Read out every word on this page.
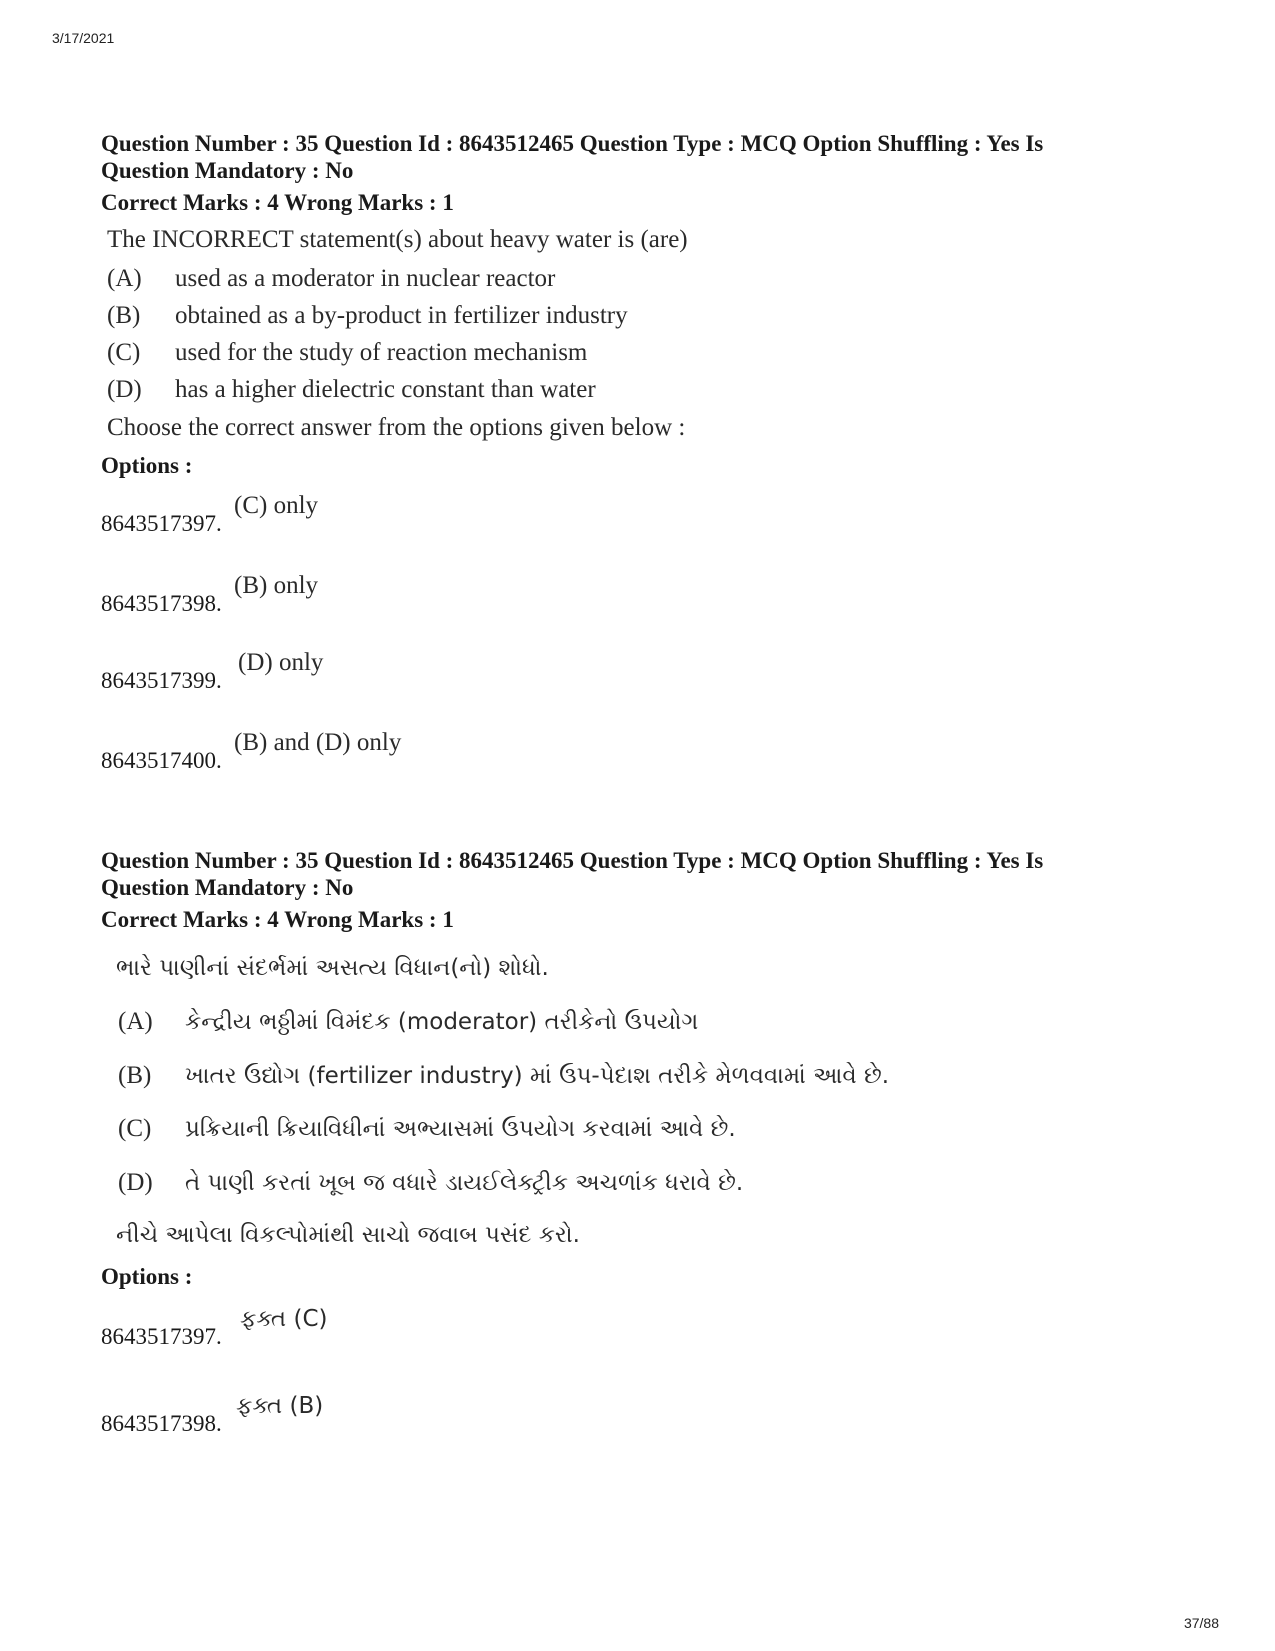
3/17/2021
37/88
Question Number : 35 Question Id : 8643512465 Question Type : MCQ Option Shuffling : Yes Is
Question Mandatory : No
Correct Marks : 4 Wrong Marks : 1
The INCORRECT statement(s) about heavy water is (are)
(A) used as a moderator in nuclear reactor
(B) obtained as a by-product in fertilizer industry
(C) used for the study of reaction mechanism
(D) has a higher dielectric constant than water
Choose the correct answer from the options given below :
Options :
8643517397.
(C) only
8643517398.
(B) only
8643517399.
(D) only
8643517400.
(B) and (D) only
Question Number : 35 Question Id : 8643512465 Question Type : MCQ Option Shuffling : Yes Is
Question Mandatory : No
Correct Marks : 4 Wrong Marks : 1
ભારે પાણીનાં સંદર્ભમાં અસત્ય વિધાન(નો) શોધો.
(A) કેન્દ્રીય ભઠ્ઠીમાં વિમંદક (moderator) તરીકેનો ઉપયોગ
(B) ખાતર ઉદ્યોગ (fertilizer industry) માં ઉપ-પેદાશ તરીકે મેળવવામાં આવે છે.
(C) પ્રક્રિયાની ક્રિયાવિધીનાં અભ્યાસમાં ઉપયોગ કરવામાં આવે છે.
(D) તે પાણી કરતાં ખૂબ જ વધારે ડાયઈલેક્ટ્રીક અચળાંક ધરાવે છે.
નીચે આપેલા વિકલ્પોમાંથી સાચો જવાબ પસંદ કરો.
Options :
8643517397.
ફક્ત (C)
8643517398.
ફક્ત (B)
